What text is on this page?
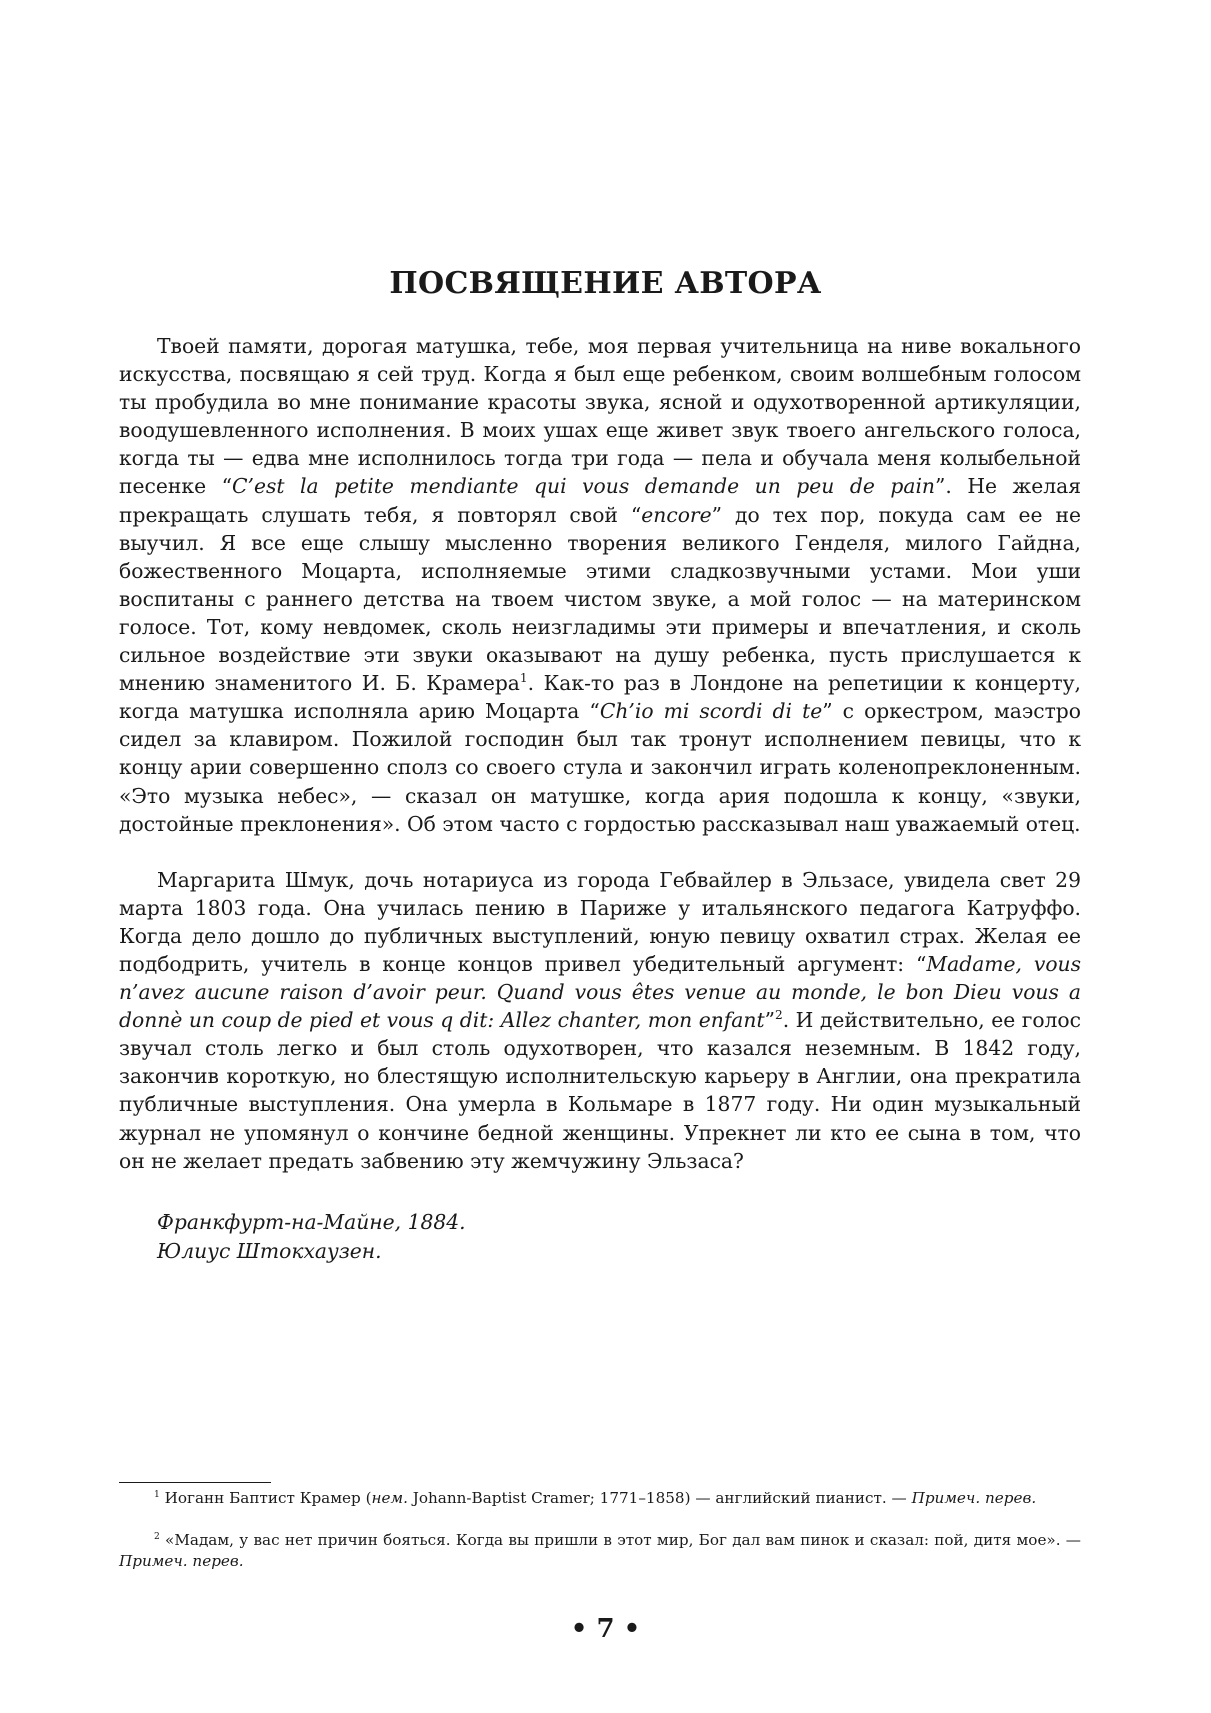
ПОСВЯЩЕНИЕ АВТОРА

Твоей памяти, дорогая матушка, тебе, моя первая учительница на ниве вокального искусства, посвящаю я сей труд. Когда я был еще ребенком, своим волшебным голосом ты пробудила во мне понимание красоты звука, ясной и одухотворенной артикуляции, воодушевленного исполнения. В моих ушах еще живет звук твоего ангельского голоса, когда ты — едва мне исполнилось тогда три года — пела и обучала меня колыбельной песенке “C’est la petite mendiante qui vous demande un peu de pain”. Не желая прекращать слушать тебя, я повторял свой “encore” до тех пор, покуда сам ее не выучил. Я все еще слышу мысленно творения великого Генделя, милого Гайдна, божественного Моцарта, исполняемые этими сладкозвучными устами. Мои уши воспитаны с раннего детства на твоем чистом звуке, а мой голос — на материнском голосе. Тот, кому невдомек, сколь неизгладимы эти примеры и впечатления, и сколь сильное воздействие эти звуки оказывают на душу ребенка, пусть прислушается к мнению знаменитого И. Б. Крамера$^1$. Как-то раз в Лондоне на репетиции к концерту, когда матушка исполняла арию Моцарта “Ch’io mi scordi di te” с оркестром, маэстро сидел за клавиром. Пожилой господин был так тронут исполнением певицы, что к концу арии совершенно сполз со своего стула и закончил играть коленопреклоненным. «Это музыка небес», — сказал он матушке, когда ария подошла к концу, «звуки, достойные преклонения». Об этом часто с гордостью рассказывал наш уважаемый отец.

Маргарита Шмук, дочь нотариуса из города Гебвайлер в Эльзасе, увидела свет 29 марта 1803 года. Она училась пению в Париже у итальянского педагога Катруффо. Когда дело дошло до публичных выступлений, юную певицу охватил страх. Желая ее подбодрить, учитель в конце концов привел убедительный аргумент: “Madame, vous n’avez aucune raison d’avoir peur. Quand vous êtes venue au monde, le bon Dieu vous a donnè un coup de pied et vous q dit: Allez chanter, mon enfant”$^2$. И действительно, ее голос звучал столь легко и был столь одухотворен, что казался неземным. В 1842 году, закончив короткую, но блестящую исполнительскую карьеру в Англии, она прекратила публичные выступления. Она умерла в Кольмаре в 1877 году. Ни один музыкальный журнал не упомянул о кончине бедной женщины. Упрекнет ли кто ее сына в том, что он не желает предать забвению эту жемчужину Эльзаса?

Франкфурт-на-Майне, 1884.
Юлиус Штокхаузен.

$^1$ Иоганн Баптист Крамер (нем. Johann-Baptist Cramer; 1771–1858) — английский пианист. — Примеч. перев.

$^2$ «Мадам, у вас нет причин бояться. Когда вы пришли в этот мир, Бог дал вам пинок и сказал: пой, дитя мое». — Примеч. перев.

• 7 •
